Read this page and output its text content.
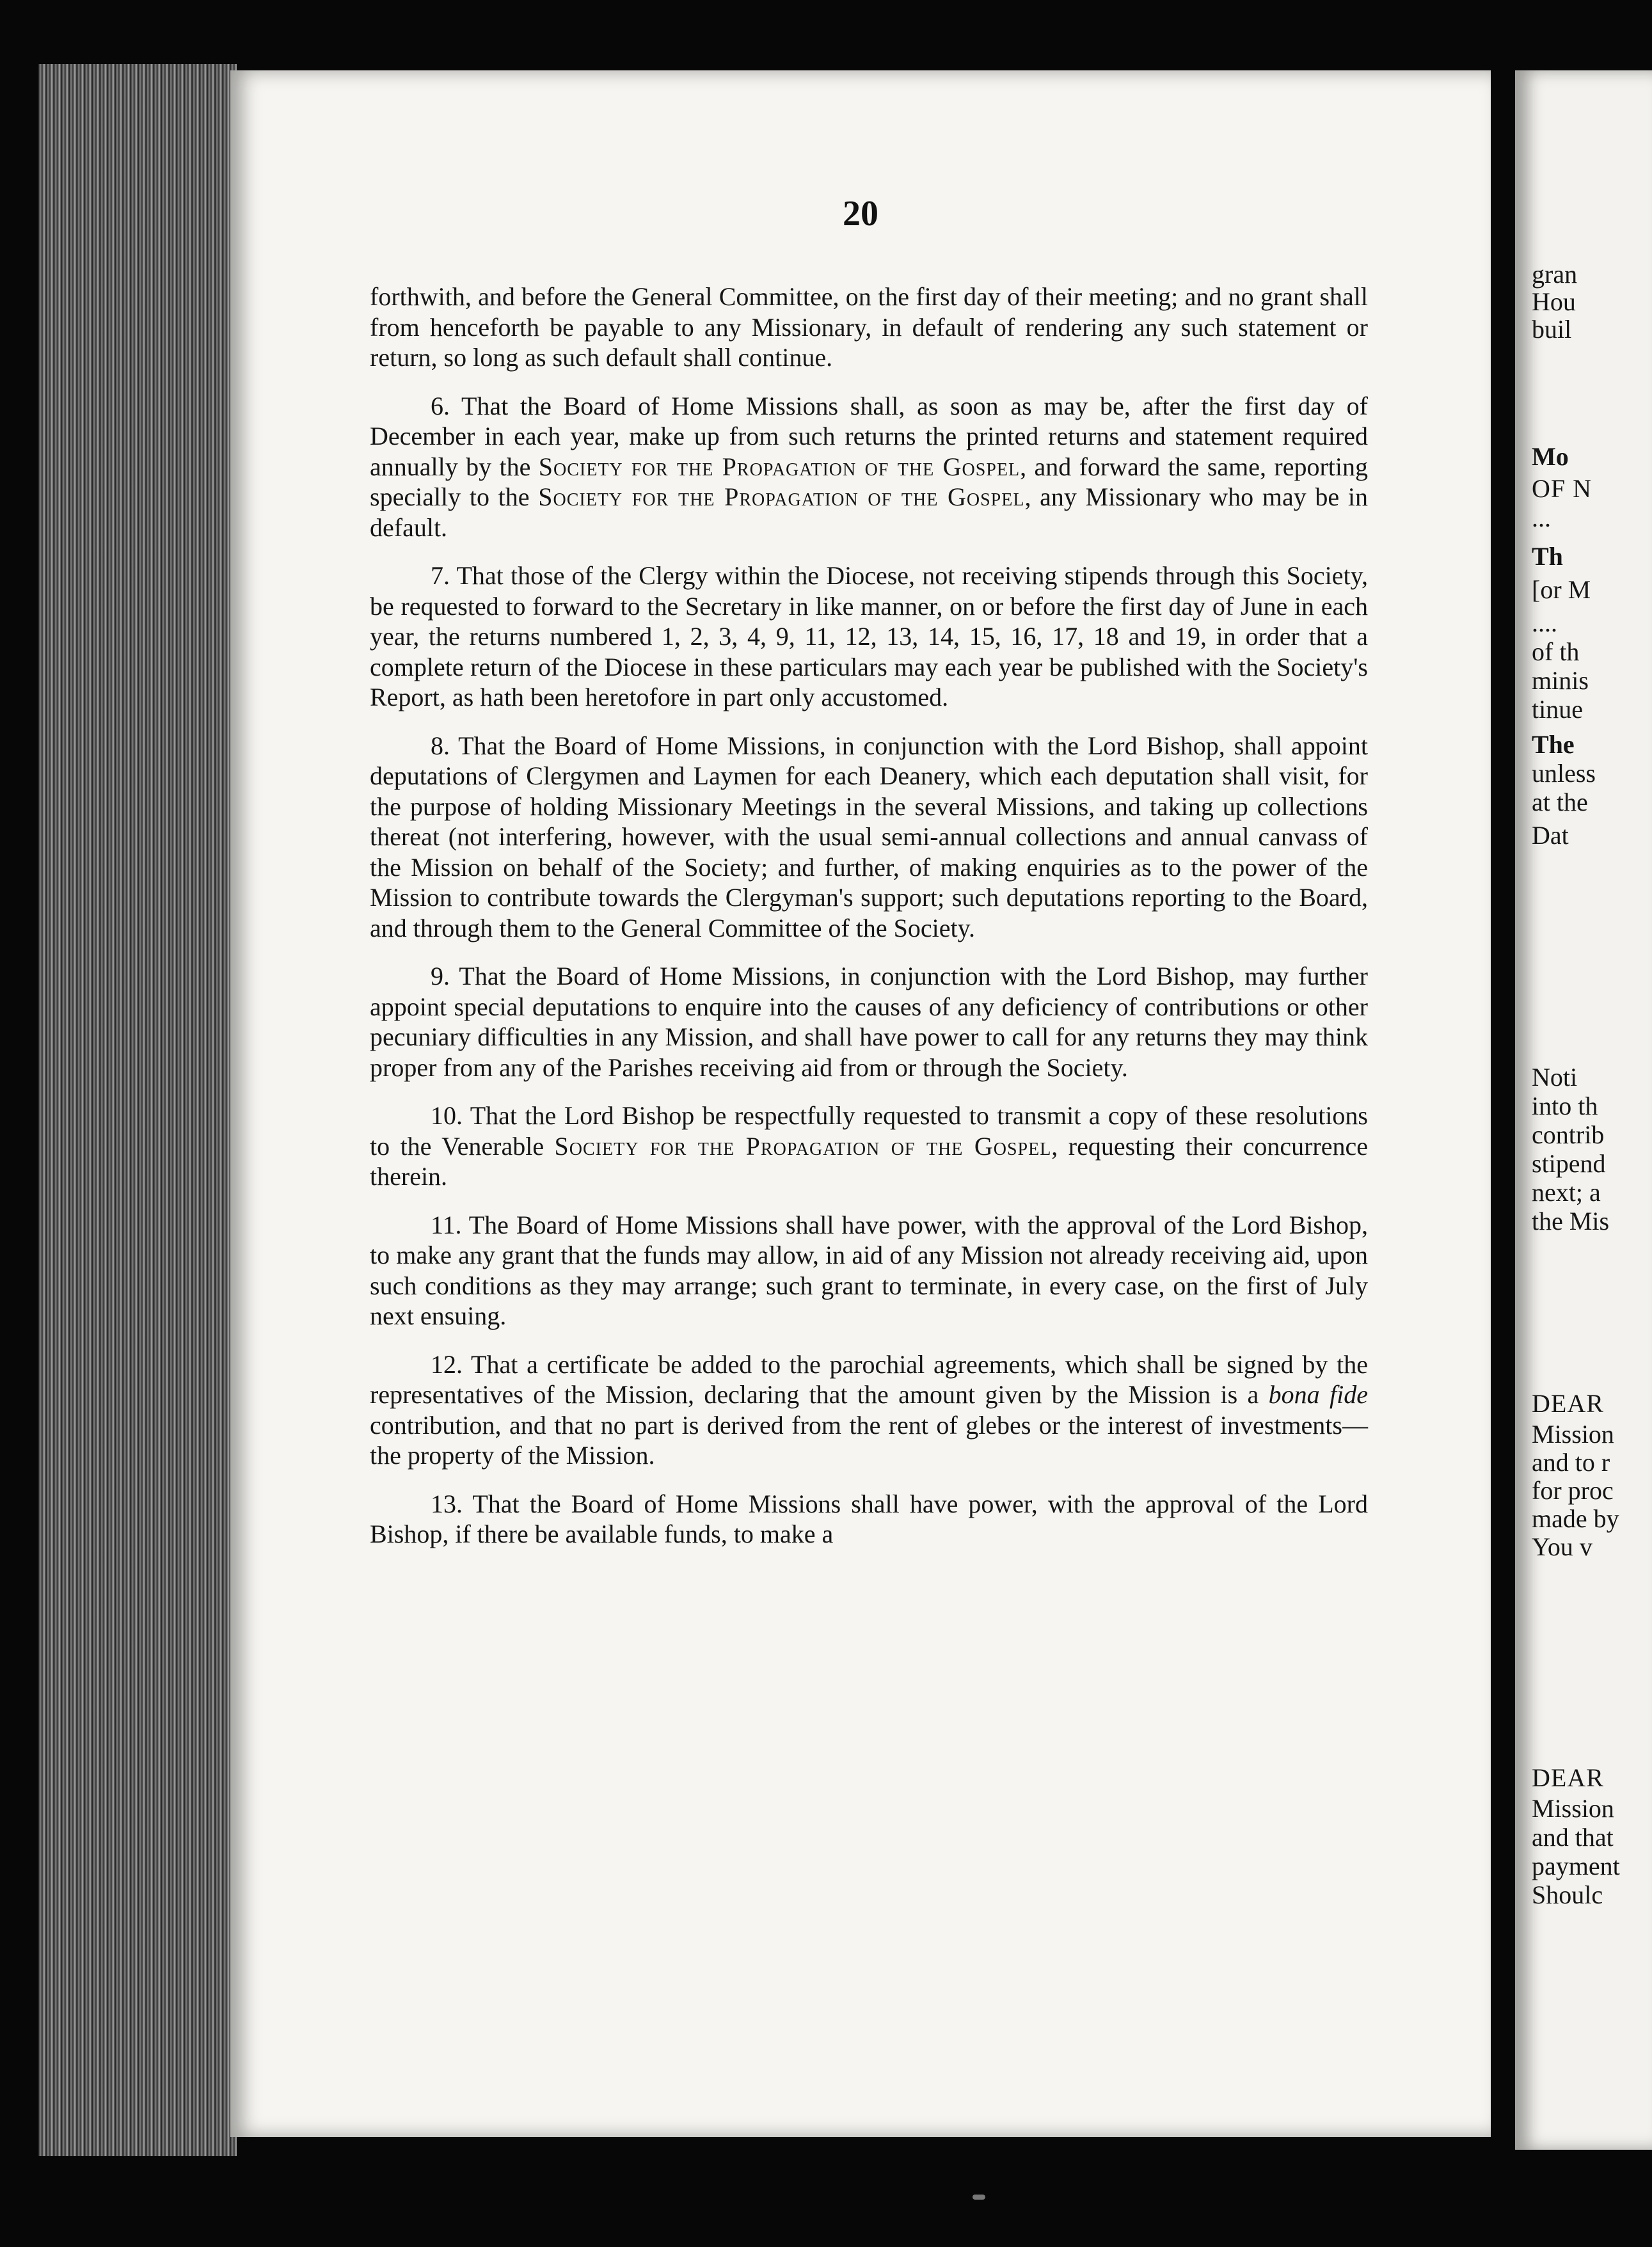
20

forthwith, and before the General Committee, on the first day of their meeting; and no grant shall from henceforth be payable to any Missionary, in default of rendering any such statement or return, so long as such default shall continue.

6. That the Board of Home Missions shall, as soon as may be, after the first day of December in each year, make up from such returns the printed returns and statement required annually by the Society for the Propagation of the Gospel, and forward the same, reporting specially to the Society for the Propagation of the Gospel, any Missionary who may be in default.

7. That those of the Clergy within the Diocese, not receiving stipends through this Society, be requested to forward to the Secretary in like manner, on or before the first day of June in each year, the returns numbered 1, 2, 3, 4, 9, 11, 12, 13, 14, 15, 16, 17, 18 and 19, in order that a complete return of the Diocese in these particulars may each year be published with the Society's Report, as hath been heretofore in part only accustomed.

8. That the Board of Home Missions, in conjunction with the Lord Bishop, shall appoint deputations of Clergymen and Laymen for each Deanery, which each deputation shall visit, for the purpose of holding Missionary Meetings in the several Missions, and taking up collections thereat (not interfering, however, with the usual semi-annual collections and annual canvass of the Mission on behalf of the Society; and further, of making enquiries as to the power of the Mission to contribute towards the Clergyman's support; such deputations reporting to the Board, and through them to the General Committee of the Society.

9. That the Board of Home Missions, in conjunction with the Lord Bishop, may further appoint special deputations to enquire into the causes of any deficiency of contributions or other pecuniary difficulties in any Mission, and shall have power to call for any returns they may think proper from any of the Parishes receiving aid from or through the Society.

10. That the Lord Bishop be respectfully requested to transmit a copy of these resolutions to the Venerable Society for the Propagation of the Gospel, requesting their concurrence therein.

11. The Board of Home Missions shall have power, with the approval of the Lord Bishop, to make any grant that the funds may allow, in aid of any Mission not already receiving aid, upon such conditions as they may arrange; such grant to terminate, in every case, on the first of July next ensuing.

12. That a certificate be added to the parochial agreements, which shall be signed by the representatives of the Mission, declaring that the amount given by the Mission is a bona fide contribution, and that no part is derived from the rent of glebes or the interest of investments—the property of the Mission.

13. That the Board of Home Missions shall have power, with the approval of the Lord Bishop, if there be available funds, to make a

gran
Hou
buil
Mo
OF N
...
Th
[or M
....
of th
minis
tinue
The
unless
at the
Dat
Noti
into th
contrib
stipend
next; a
the Mis
DEAR
Mission
and to r
for proc
made by
You v
DEAR
Mission
and that
payment
Shoulc
